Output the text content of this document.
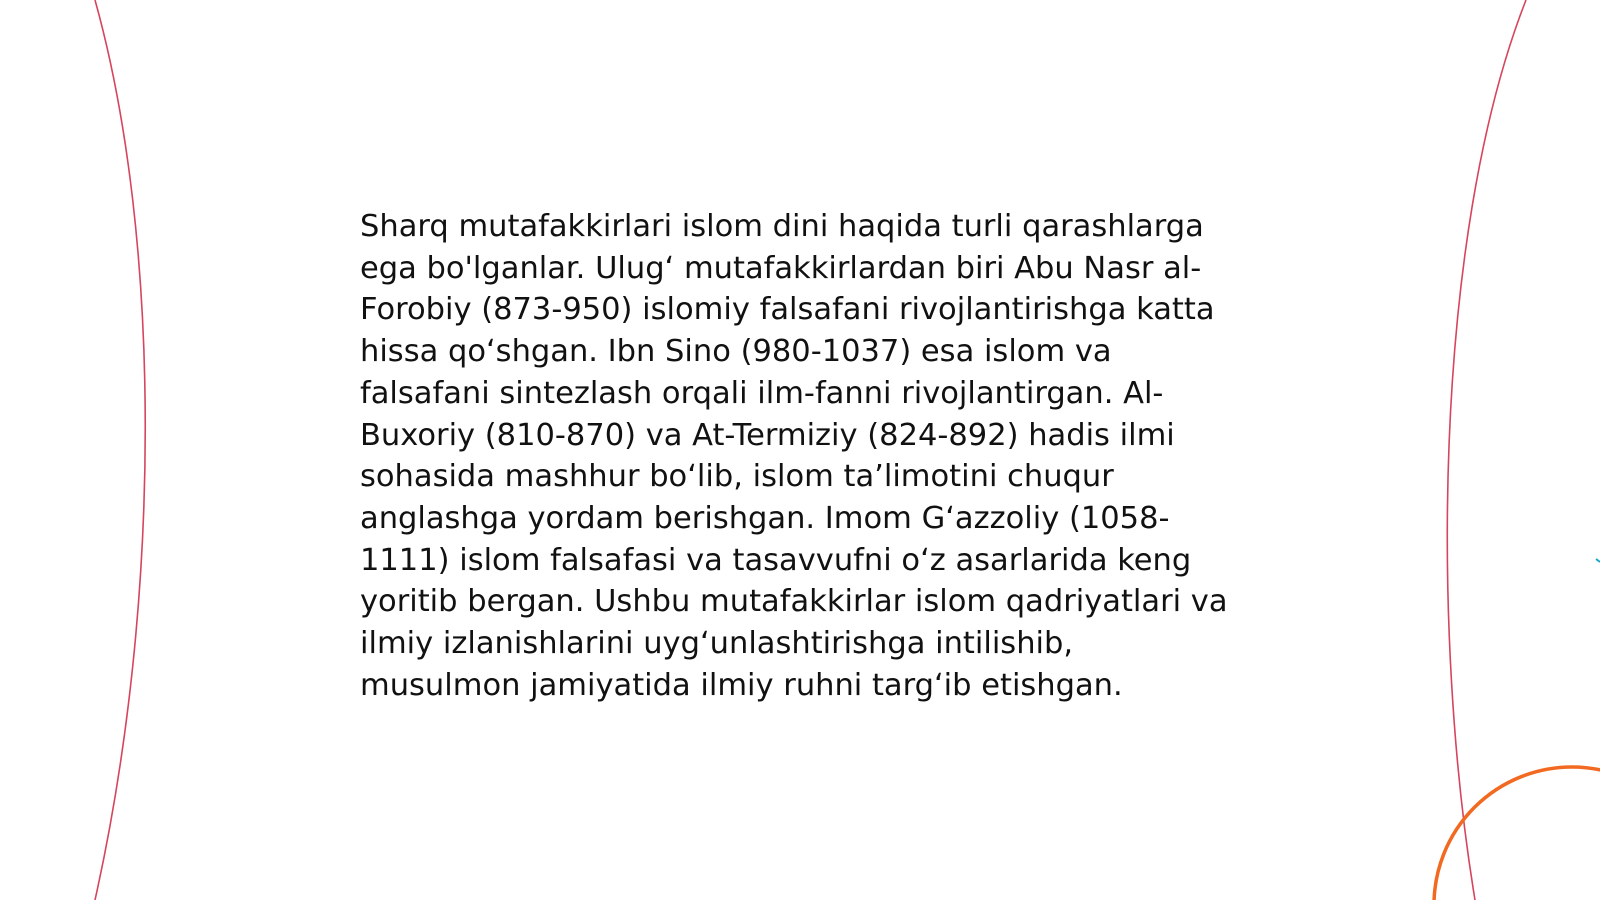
Sharq mutafakkirlari islom dini haqida turli qarashlarga ega bo'lganlar. Ulug‘ mutafakkirlardan biri Abu Nasr al-Forobiy (873-950) islomiy falsafani rivojlantirishga katta hissa qo‘shgan. Ibn Sino (980-1037) esa islom va falsafani sintezlash orqali ilm-fanni rivojlantirgan. Al-Buxoriy (810-870) va At-Termiziy (824-892) hadis ilmi sohasida mashhur bo‘lib, islom ta’limotini chuqur anglashga yordam berishgan. Imom G‘azzoliy (1058-1111) islom falsafasi va tasavvufni o‘z asarlarida keng yoritib bergan. Ushbu mutafakkirlar islom qadriyatlari va ilmiy izlanishlarini uyg‘unlashtirishga intilishib, musulmon jamiyatida ilmiy ruhni targ‘ib etishgan.
